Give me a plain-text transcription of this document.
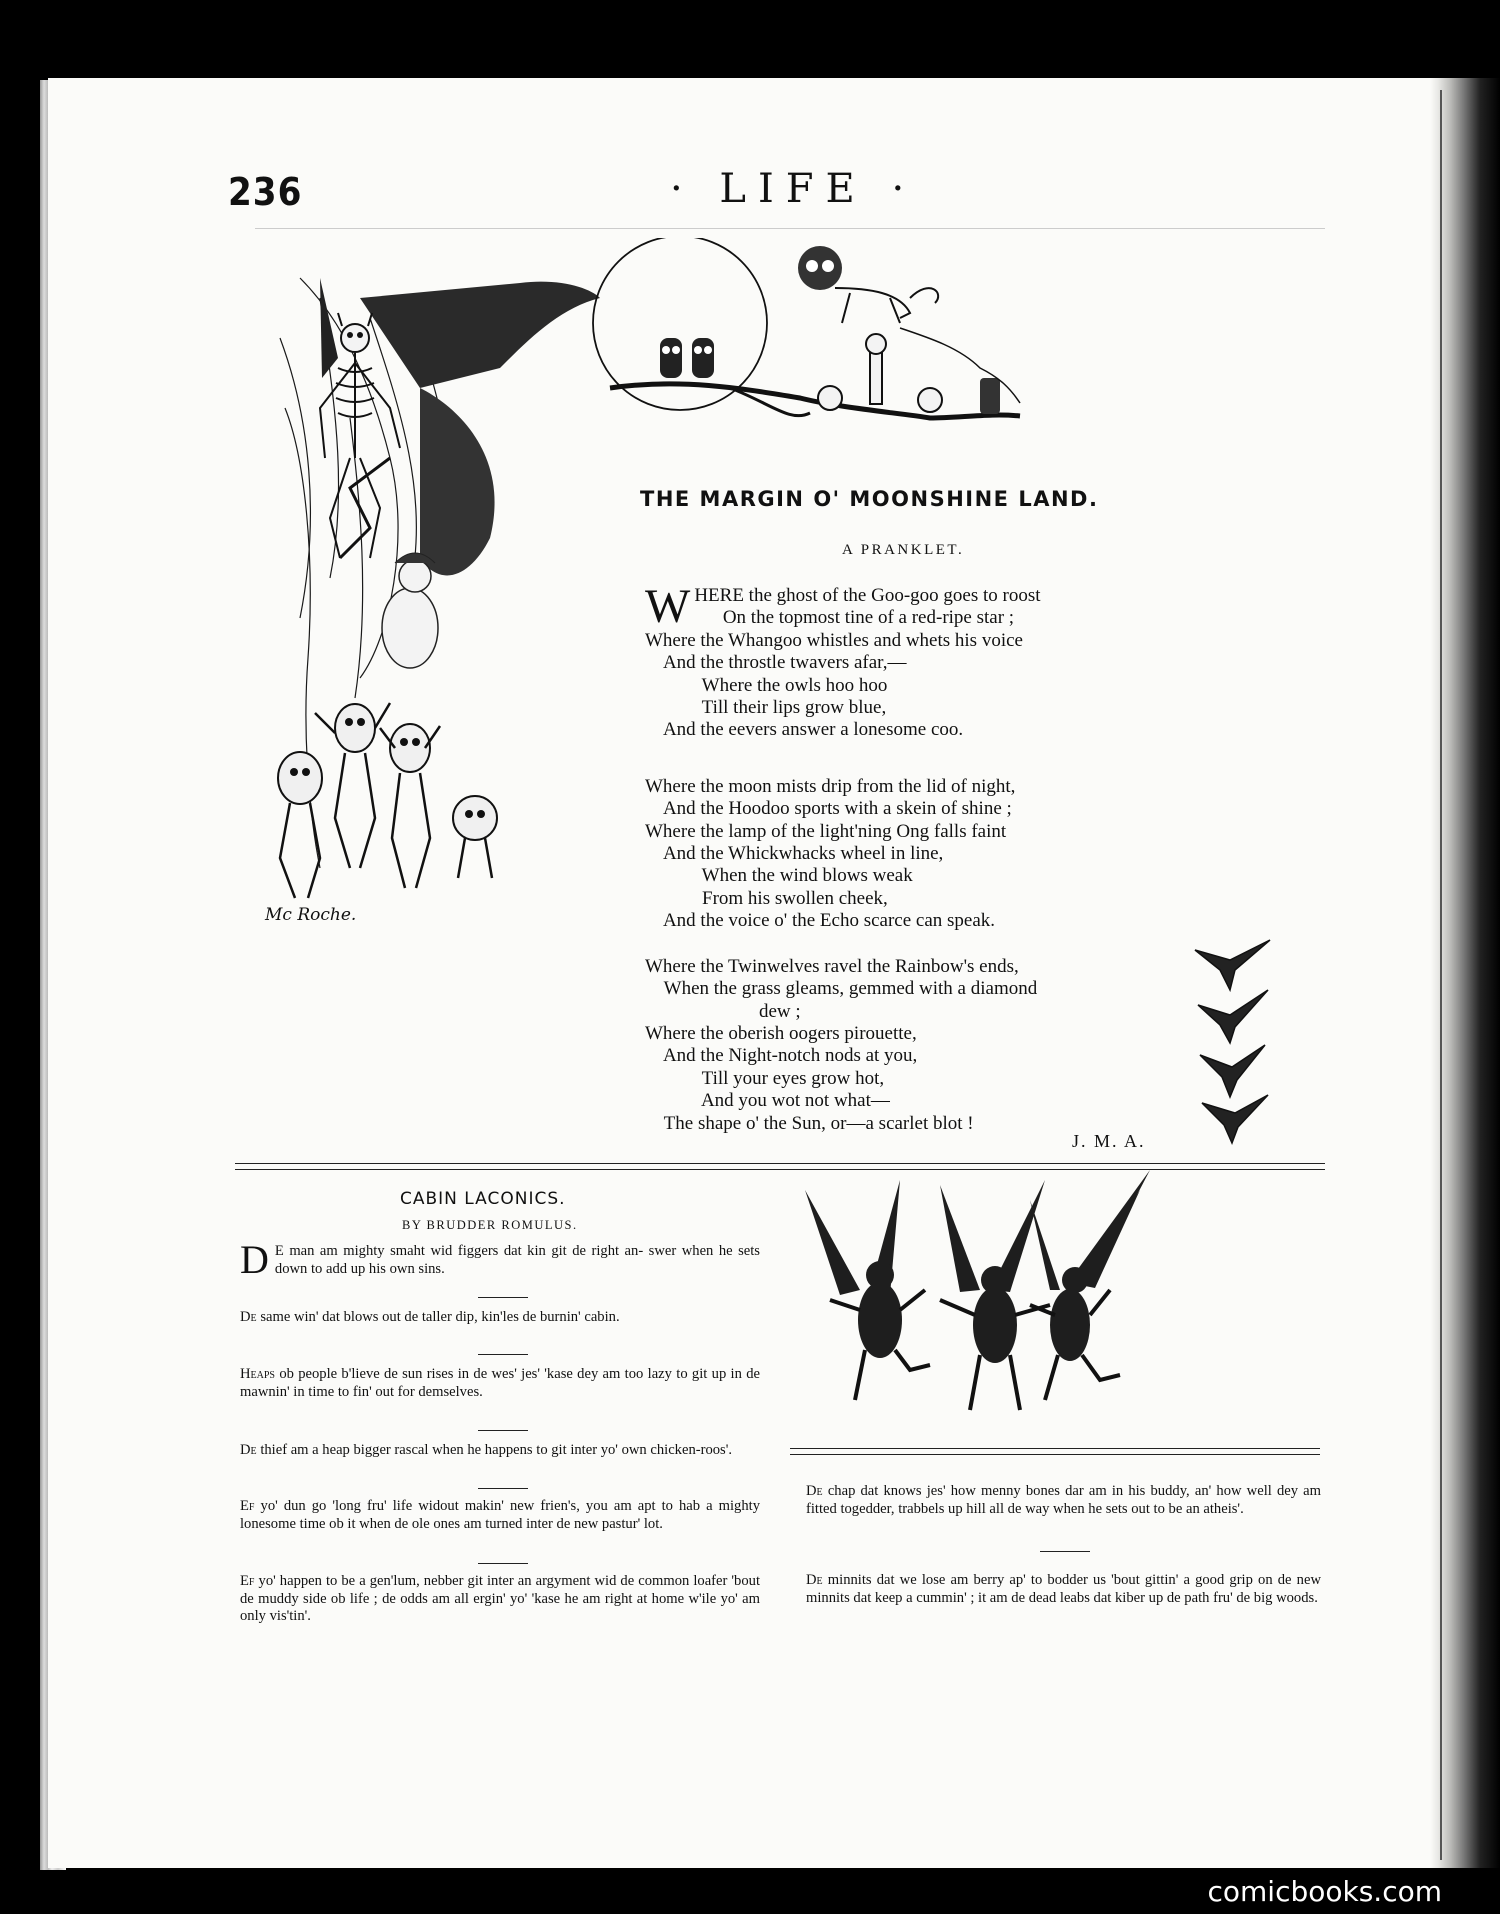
236	· LIFE ·
Mc Roche.
THE MARGIN O' MOONSHINE LAND.
A PRANKLET.
W HERE the ghost of the Goo-goo goes to roost
On the topmost tine of a red-ripe star ;
Where the Whangoo whistles and whets his voice
And the throstle twavers afar,—
Where the owls hoo hoo
Till their lips grow blue,
And the eevers answer a lonesome coo.
Where the moon mists drip from the lid of night,
And the Hoodoo sports with a skein of shine ;
Where the lamp of the light'ning Ong falls faint
And the Whickwhacks wheel in line,
When the wind blows weak
From his swollen cheek,
And the voice o' the Echo scarce can speak.
Where the Twinwelves ravel the Rainbow's ends,
When the grass gleams, gemmed with a diamond
dew ;
Where the oberish oogers pirouette,
And the Night-notch nods at you,
Till your eyes grow hot,
And you wot not what—
The shape o' the Sun, or—a scarlet blot !
J. M. A.
CABIN LACONICS.
BY BRUDDER ROMULUS.
D E man am mighty smaht wid figgers dat kin git de right an- swer when he sets down to add up his own sins.
De same win' dat blows out de taller dip, kin'les de burnin' cabin.
Heaps ob people b'lieve de sun rises in de wes' jes' 'kase dey am too lazy to git up in de mawnin' in time to fin' out for demselves.
De thief am a heap bigger rascal when he happens to git inter yo' own chicken-roos'.
Ef yo' dun go 'long fru' life widout makin' new frien's, you am apt to hab a mighty lonesome time ob it when de ole ones am turned inter de new pastur' lot.
Ef yo' happen to be a gen'lum, nebber git inter an argyment wid de common loafer 'bout de muddy side ob life ; de odds am all ergin' yo' 'kase he am right at home w'ile yo' am only vis'tin'.
De chap dat knows jes' how menny bones dar am in his buddy, an' how well dey am fitted togedder, trabbels up hill all de way when he sets out to be an atheis'.
De minnits dat we lose am berry ap' to bodder us 'bout gittin' a good grip on de new minnits dat keep a cummin' ; it am de dead leabs dat kiber up de path fru' de big woods.
comicbooks.com
